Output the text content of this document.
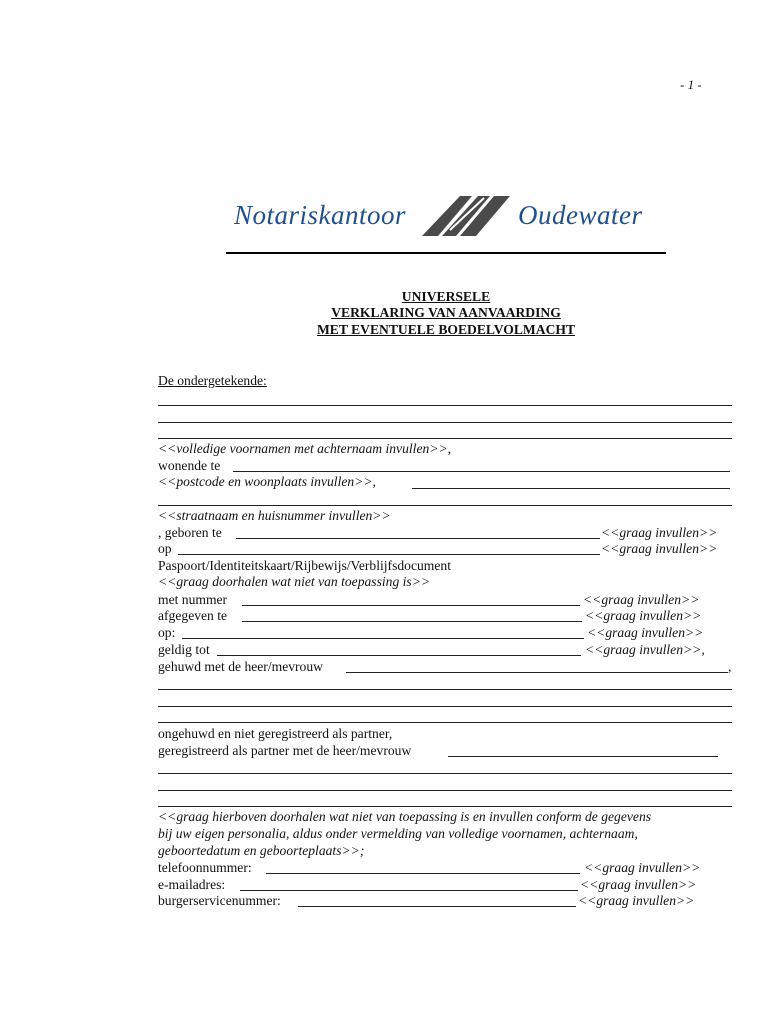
- 1 -
Notariskantoor	Oudewater
UNIVERSELE
VERKLARING VAN AANVAARDING
MET EVENTUELE BOEDELVOLMACHT
De ondergetekende:
<<volledige voornamen met achternaam invullen>>,
wonende te
<<postcode en woonplaats invullen>>,
<<straatnaam en huisnummer invullen>>
, geboren te	<<graag invullen>>
op	<<graag invullen>>
Paspoort/Identiteitskaart/Rijbewijs/Verblijfsdocument
<<graag doorhalen wat niet van toepassing is>>
met nummer	<<graag invullen>>
afgegeven te	<<graag invullen>>
op:	<<graag invullen>>
geldig tot	<<graag invullen>>,
gehuwd met de heer/mevrouw	,
ongehuwd en niet geregistreerd als partner,
geregistreerd als partner met de heer/mevrouw
<<graag hierboven doorhalen wat niet van toepassing is en invullen conform de gegevens
bij uw eigen personalia, aldus onder vermelding van volledige voornamen, achternaam,
geboortedatum en geboorteplaats>>;
telefoonnummer:	<<graag invullen>>
e-mailadres:	<<graag invullen>>
burgerservicenummer:	<<graag invullen>>
